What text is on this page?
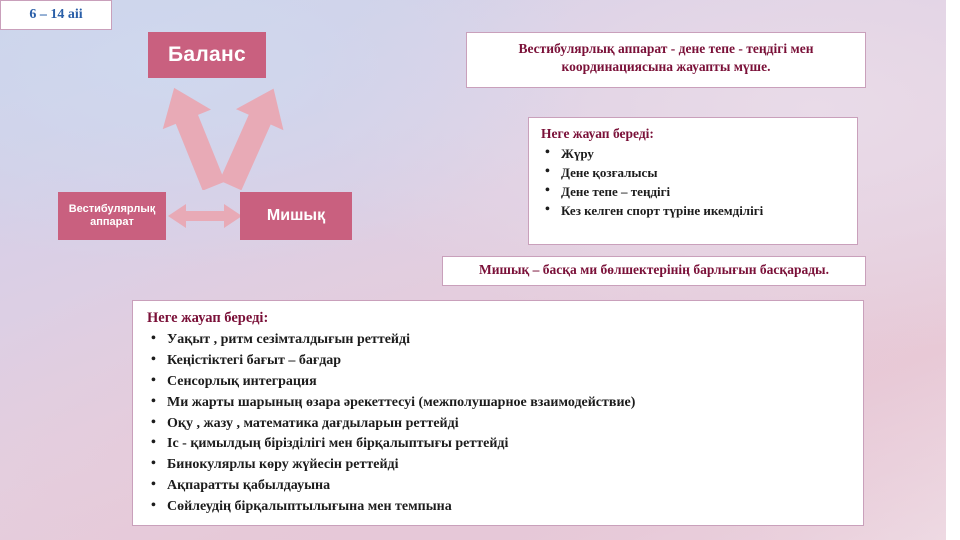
Баланс
Вестибулярлық аппарат	Мишық
Вестибулярлық аппарат - дене тепе - теңдігі мен координациясына жауапты мүше.
Неге жауап береді:
• Жүру
• Дене қозғалысы
• Дене тепе – теңдігі
• Кез келген спорт түріне икемділігі
Мишық – басқа ми бөлшектерінің барлығын басқарады.
6 – 14 аii
Неге жауап береді:
• Уақыт , ритм сезімталдығын реттейді
• Кеңістіктегі бағыт – бағдар
• Сенсорлық интеграция
• Ми жарты шарының өзара әрекеттесуі (межполушарное взаимодействие)
• Оқу , жазу , математика дағдыларын реттейді
• Іс - қимылдың бірізділігі мен бірқалыптығы реттейді
• Бинокулярлы көру жүйесін реттейді
• Ақпаратты қабылдауына
• Сөйлеудің бірқалыптылығына мен темпына
